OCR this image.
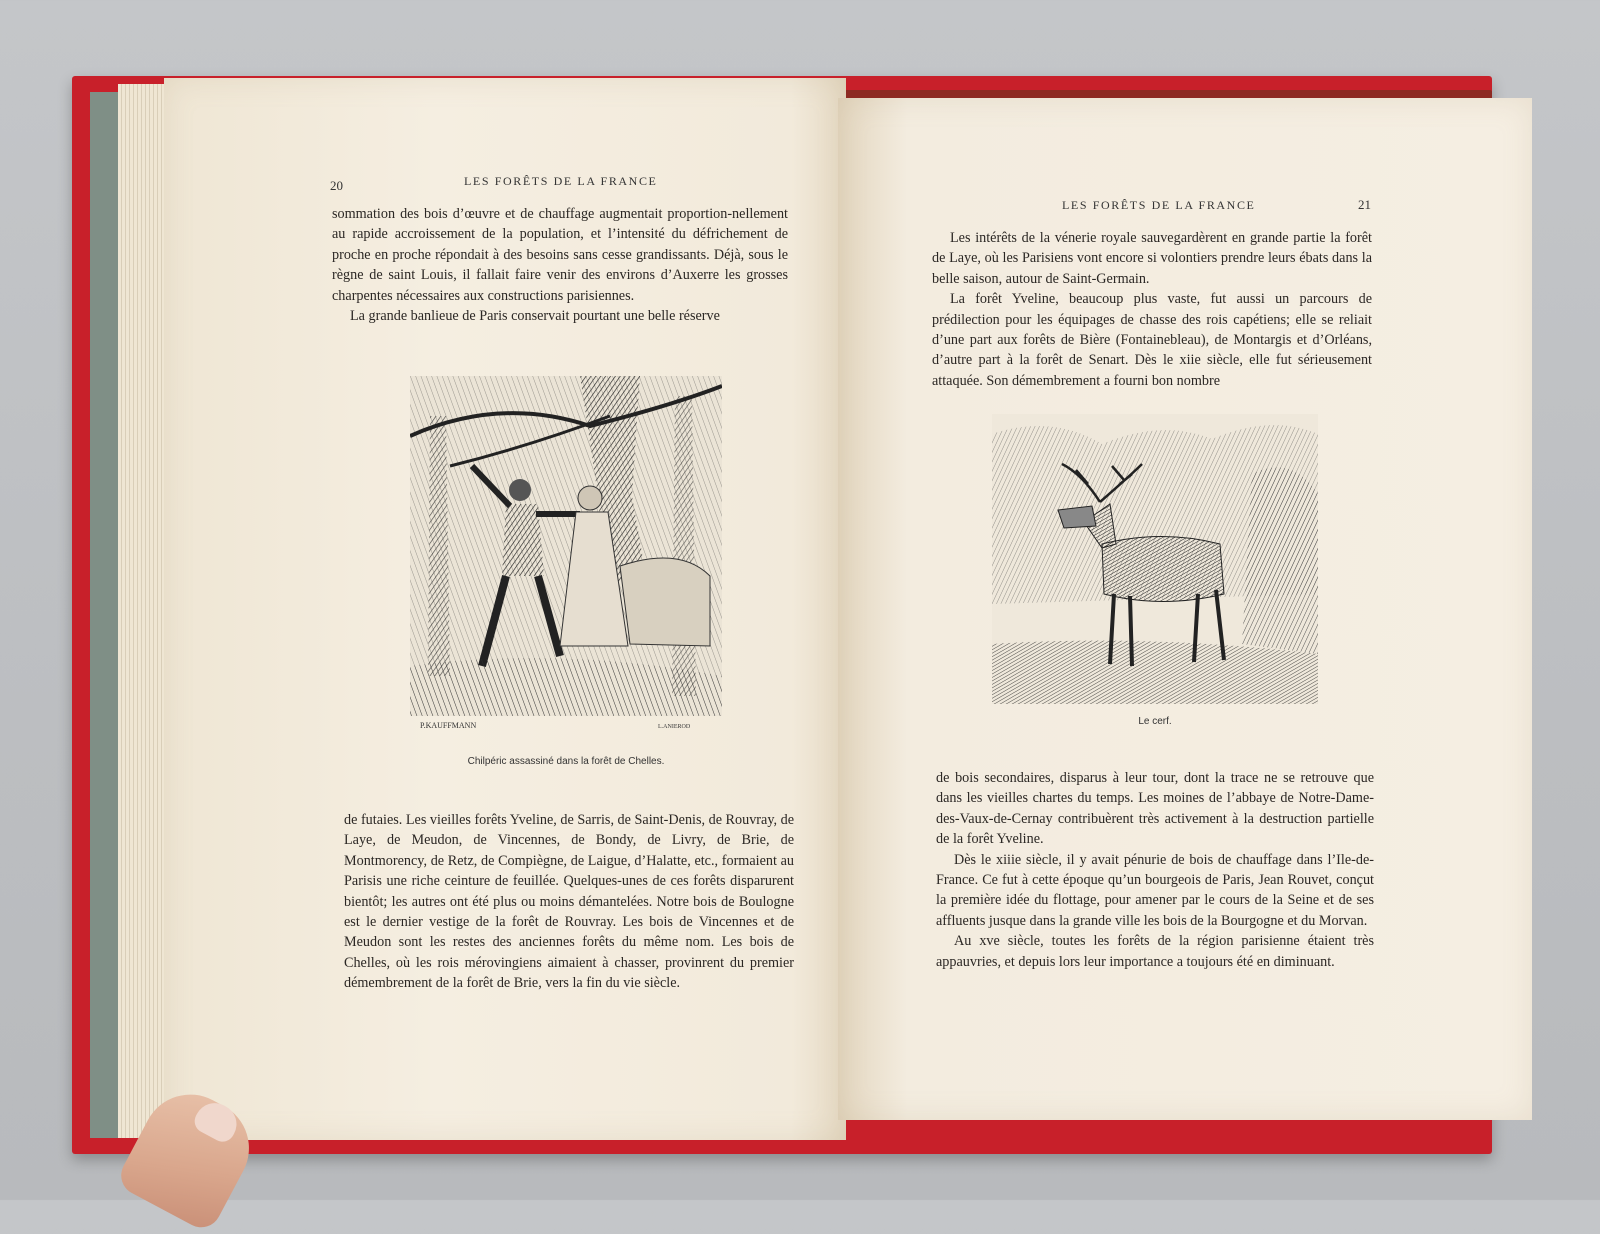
20	LES FORÊTS DE LA FRANCE

sommation des bois d’œuvre et de chauffage augmentait proportion-nellement au rapide accroissement de la population, et l’intensité du défrichement de proche en proche répondait à des besoins sans cesse grandissants. Déjà, sous le règne de saint Louis, il fallait faire venir des environs d’Auxerre les grosses charpentes nécessaires aux constructions parisiennes.

La grande banlieue de Paris conservait pourtant une belle réserve

P.KAUFFMANN	L.ANIEROD
Chilpéric assassiné dans la forêt de Chelles.

de futaies. Les vieilles forêts Yveline, de Sarris, de Saint-Denis, de Rouvray, de Laye, de Meudon, de Vincennes, de Bondy, de Livry, de Brie, de Montmorency, de Retz, de Compiègne, de Laigue, d’Halatte, etc., formaient au Parisis une riche ceinture de feuillée. Quelques-unes de ces forêts disparurent bientôt; les autres ont été plus ou moins démantelées. Notre bois de Boulogne est le dernier vestige de la forêt de Rouvray. Les bois de Vincennes et de Meudon sont les restes des anciennes forêts du même nom. Les bois de Chelles, où les rois mérovingiens aimaient à chasser, provinrent du premier démembrement de la forêt de Brie, vers la fin du vie siècle.

LES FORÊTS DE LA FRANCE	21

Les intérêts de la vénerie royale sauvegardèrent en grande partie la forêt de Laye, où les Parisiens vont encore si volontiers prendre leurs ébats dans la belle saison, autour de Saint-Germain.

La forêt Yveline, beaucoup plus vaste, fut aussi un parcours de prédilection pour les équipages de chasse des rois capétiens; elle se reliait d’une part aux forêts de Bière (Fontainebleau), de Montargis et d’Orléans, d’autre part à la forêt de Senart. Dès le xiie siècle, elle fut sérieusement attaquée. Son démembrement a fourni bon nombre

Le cerf.

de bois secondaires, disparus à leur tour, dont la trace ne se retrouve que dans les vieilles chartes du temps. Les moines de l’abbaye de Notre-Dame-des-Vaux-de-Cernay contribuèrent très activement à la destruction partielle de la forêt Yveline.

Dès le xiiie siècle, il y avait pénurie de bois de chauffage dans l’Ile-de-France. Ce fut à cette époque qu’un bourgeois de Paris, Jean Rouvet, conçut la première idée du flottage, pour amener par le cours de la Seine et de ses affluents jusque dans la grande ville les bois de la Bourgogne et du Morvan.

Au xve siècle, toutes les forêts de la région parisienne étaient très appauvries, et depuis lors leur importance a toujours été en diminuant.
